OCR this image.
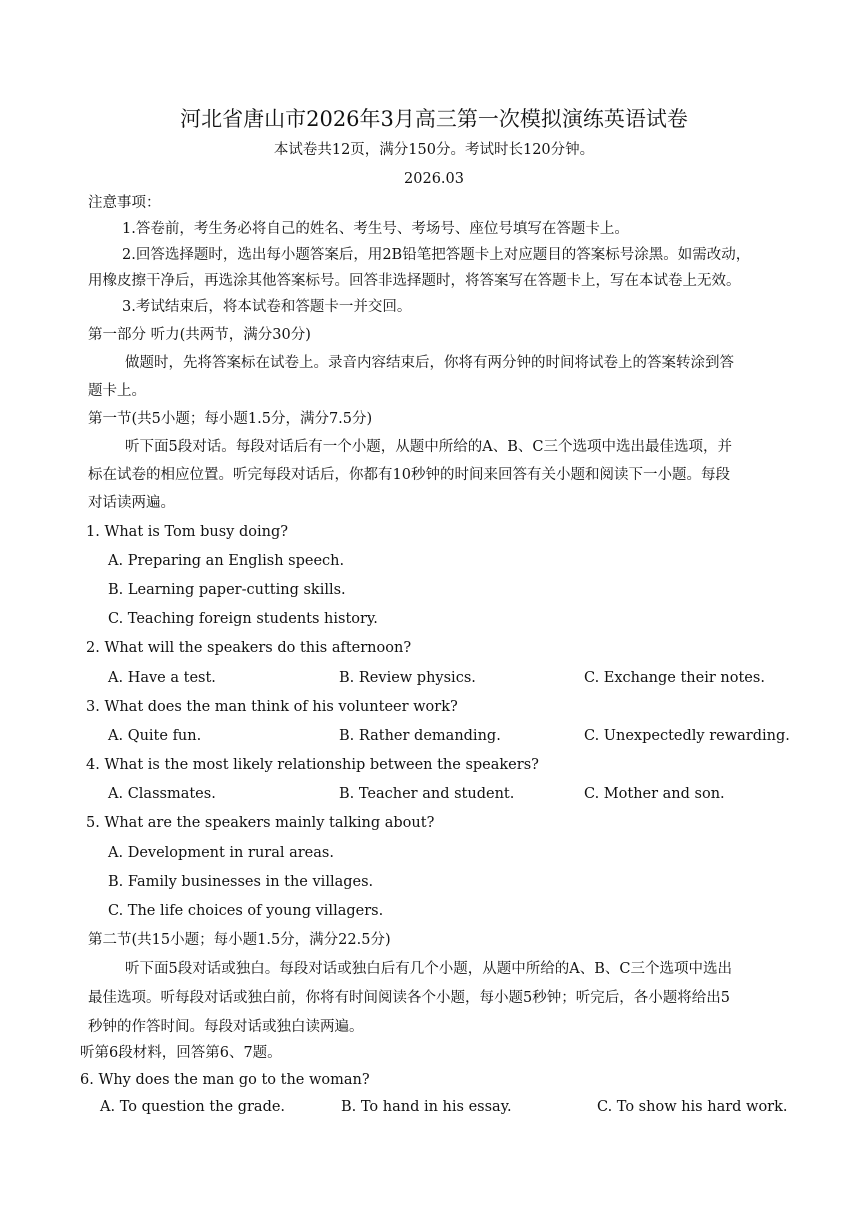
河北省唐山市2026年3月高三第一次模拟演练英语试卷
本试卷共12页，满分150分。考试时长120分钟。
2026.03
注意事项：
1.答卷前，考生务必将自己的姓名、考生号、考场号、座位号填写在答题卡上。
2.回答选择题时，选出每小题答案后，用2B铅笔把答题卡上对应题目的答案标号涂黑。如需改动，
用橡皮擦干净后，再选涂其他答案标号。回答非选择题时，将答案写在答题卡上，写在本试卷上无效。
3.考试结束后，将本试卷和答题卡一并交回。
第一部分 听力(共两节，满分30分)
做题时，先将答案标在试卷上。录音内容结束后，你将有两分钟的时间将试卷上的答案转涂到答
题卡上。
第一节(共5小题；每小题1.5分，满分7.5分)
听下面5段对话。每段对话后有一个小题，从题中所给的A、B、C三个选项中选出最佳选项，并
标在试卷的相应位置。听完每段对话后，你都有10秒钟的时间来回答有关小题和阅读下一小题。每段
对话读两遍。
1. What is Tom busy doing?
A. Preparing an English speech.
B. Learning paper-cutting skills.
C. Teaching foreign students history.
2. What will the speakers do this afternoon?
A. Have a test.	B. Review physics.	C. Exchange their notes.
3. What does the man think of his volunteer work?
A. Quite fun.	B. Rather demanding.	C. Unexpectedly rewarding.
4. What is the most likely relationship between the speakers?
A. Classmates.	B. Teacher and student.	C. Mother and son.
5. What are the speakers mainly talking about?
A. Development in rural areas.
B. Family businesses in the villages.
C. The life choices of young villagers.
第二节(共15小题；每小题1.5分，满分22.5分)
听下面5段对话或独白。每段对话或独白后有几个小题，从题中所给的A、B、C三个选项中选出
最佳选项。听每段对话或独白前，你将有时间阅读各个小题，每小题5秒钟；听完后，各小题将给出5
秒钟的作答时间。每段对话或独白读两遍。
听第6段材料，回答第6、7题。
6. Why does the man go to the woman?
A. To question the grade.	B. To hand in his essay.	C. To show his hard work.
